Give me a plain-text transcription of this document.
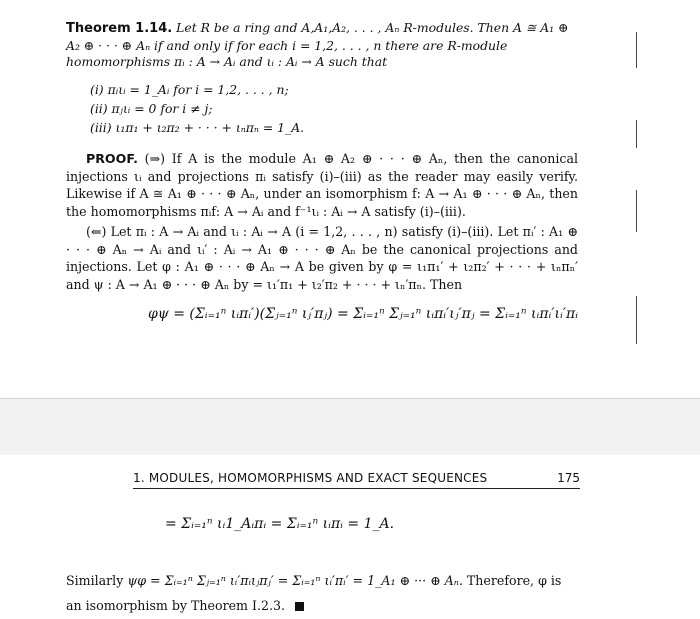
Theorem 1.14. Let R be a ring and A,A₁,A₂, . . . , Aₙ R-modules. Then A ≅ A₁ ⊕ A₂ ⊕ · · · ⊕ Aₙ if and only if for each i = 1,2, . . . , n there are R-module homomorphisms πᵢ : A → Aᵢ and ιᵢ : Aᵢ → A such that
(i) πᵢιᵢ = 1_Aᵢ for i = 1,2, . . . , n;
(ii) πⱼιᵢ = 0 for i ≠ j;
(iii) ι₁π₁ + ι₂π₂ + · · · + ιₙπₙ = 1_A.
PROOF. (⇒) If A is the module A₁ ⊕ A₂ ⊕ · · · ⊕ Aₙ, then the canonical injections ιᵢ and projections πᵢ satisfy (i)–(iii) as the reader may easily verify. Likewise if A ≅ A₁ ⊕ · · · ⊕ Aₙ, under an isomorphism f: A → A₁ ⊕ · · · ⊕ Aₙ, then the homomorphisms πᵢf: A → Aᵢ and f⁻¹ιᵢ : Aᵢ → A satisfy (i)–(iii).
(⇐) Let πᵢ : A → Aᵢ and ιᵢ : Aᵢ → A (i = 1,2, . . . , n) satisfy (i)–(iii). Let πᵢ′ : A₁ ⊕ · · · ⊕ Aₙ → Aᵢ and ιᵢ′ : Aᵢ → A₁ ⊕ · · · ⊕ Aₙ be the canonical projections and injections. Let φ : A₁ ⊕ · · · ⊕ Aₙ → A be given by φ = ι₁π₁′ + ι₂π₂′ + · · · + ιₙπₙ′ and ψ : A → A₁ ⊕ · · · ⊕ Aₙ by = ι₁′π₁ + ι₂′π₂ + · · · + ιₙ′πₙ. Then
φψ = (Σᵢ₌₁ⁿ ιᵢπᵢ′)(Σⱼ₌₁ⁿ ιⱼ′πⱼ) = Σᵢ₌₁ⁿ Σⱼ₌₁ⁿ ιᵢπᵢ′ιⱼ′πⱼ = Σᵢ₌₁ⁿ ιᵢπᵢ′ιᵢ′πᵢ
1. MODULES, HOMOMORPHISMS AND EXACT SEQUENCES	175
= Σᵢ₌₁ⁿ ιᵢ1_Aᵢπᵢ = Σᵢ₌₁ⁿ ιᵢπᵢ = 1_A.
Similarly ψφ = Σᵢ₌₁ⁿ Σⱼ₌₁ⁿ ιᵢ′πᵢιⱼπⱼ′ = Σᵢ₌₁ⁿ ιᵢ′πᵢ′ = 1_A₁ ⊕ ··· ⊕ Aₙ. Therefore, φ is an isomorphism by Theorem I.2.3.
